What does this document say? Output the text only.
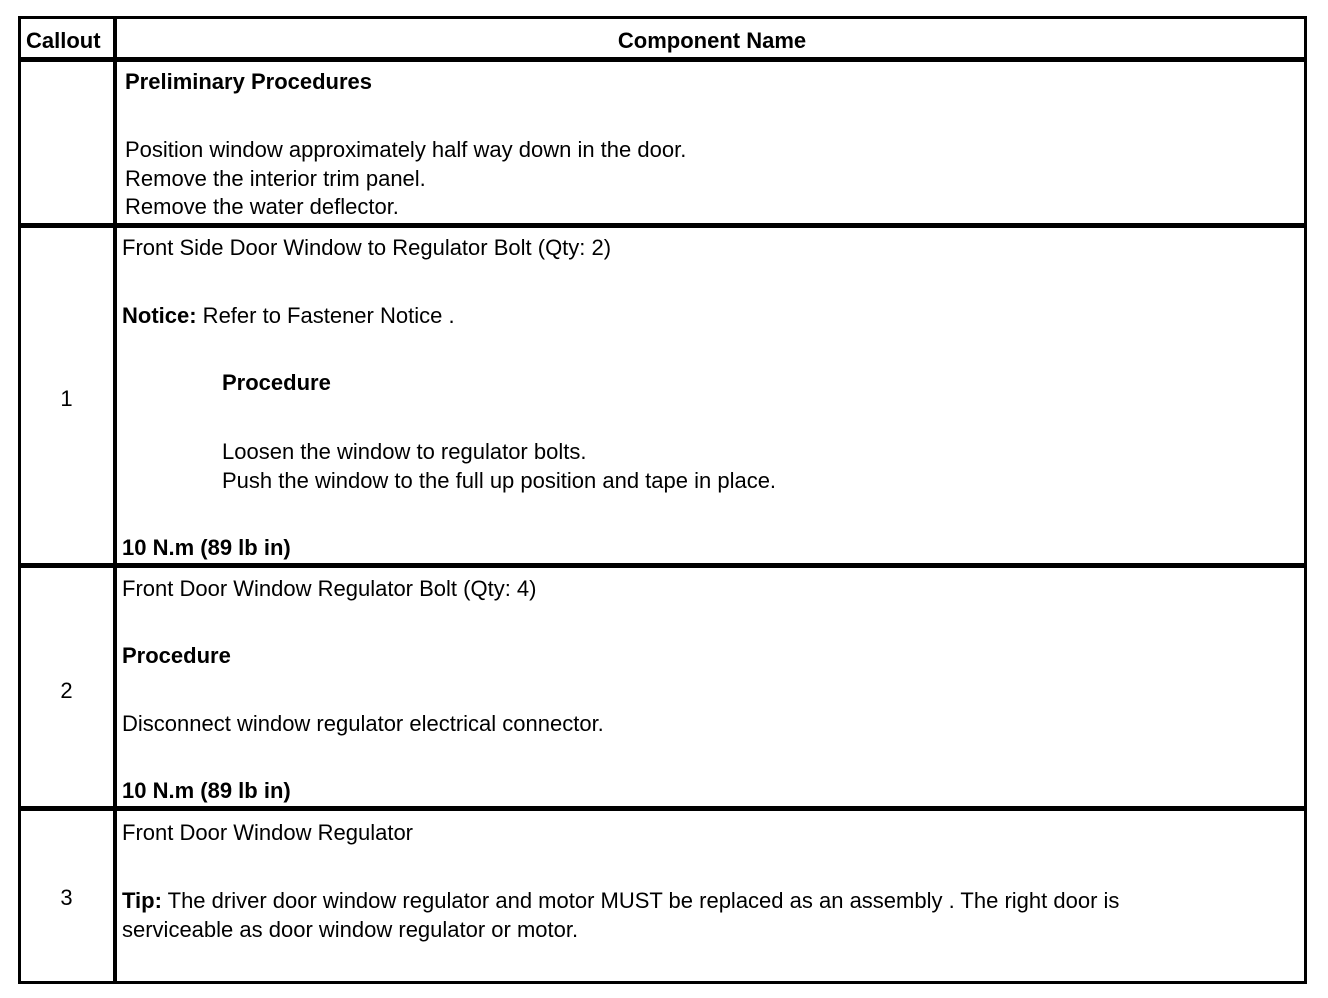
Callout	Component Name
Preliminary Procedures
Position window approximately half way down in the door.
Remove the interior trim panel.
Remove the water deflector.
1
Front Side Door Window to Regulator Bolt (Qty: 2)
Notice: Refer to Fastener Notice .
Procedure
Loosen the window to regulator bolts.
Push the window to the full up position and tape in place.
10 N.m (89 lb in)
2
Front Door Window Regulator Bolt (Qty: 4)
Procedure
Disconnect window regulator electrical connector.
10 N.m (89 lb in)
3
Front Door Window Regulator
Tip: The driver door window regulator and motor MUST be replaced as an assembly . The right door is
serviceable as door window regulator or motor.
